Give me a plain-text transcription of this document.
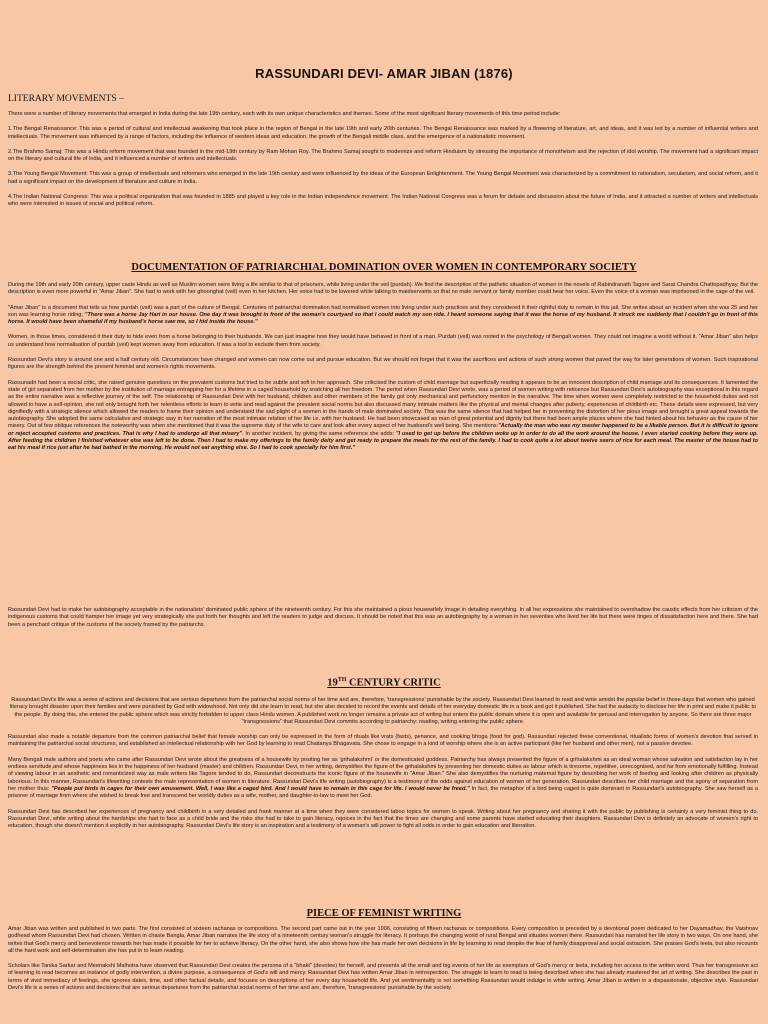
RASSUNDARI DEVI- AMAR JIBAN (1876)
LITERARY MOVEMENTS –

There were a number of literary movements that emerged in India during the late 19th century, each with its own unique characteristics and themes. Some of the most significant literary movements of this time period include:

1.The Bengal Renaissance: This was a period of cultural and intellectual awakening that took place in the region of Bengal in the late 19th and early 20th centuries. The Bengal Renaissance was marked by a flowering of literature, art, and ideas, and it was led by a number of influential writers and intellectuals. The movement was influenced by a range of factors, including the influence of western ideas and education, the growth of the Bengali middle class, and the emergence of a nationalistic movement.

2.The Brahmo Samaj: This was a Hindu reform movement that was founded in the mid-19th century by Ram Mohan Roy. The Brahmo Samaj sought to modernize and reform Hinduism by stressing the importance of monotheism and the rejection of idol worship. The movement had a significant impact on the literary and cultural life of India, and it influenced a number of writers and intellectuals.

3.The Young Bengal Movement: This was a group of intellectuals and reformers who emerged in the late 19th century and were influenced by the ideas of the European Enlightenment. The Young Bengal Movement was characterized by a commitment to rationalism, secularism, and social reform, and it had a significant impact on the development of literature and culture in India.

4.The Indian National Congress: This was a political organization that was founded in 1885 and played a key role in the Indian independence movement. The Indian National Congress was a forum for debate and discussion about the future of India, and it attracted a number of writers and intellectuals who were interested in issues of social and political reform.

DOCUMENTATION OF PATRIARCHIAL DOMINATION OVER WOMEN IN CONTEMPORARY SOCIETY

During the 19th and early 20th century, upper caste Hindu as well as Muslim women were living a life similar to that of prisoners, while living under the veil (purdah). We find the description of the pathetic situation of women in the novels of Rabindranath Tagore and Sarat Chandra Chattopadhyay. But the description is even more powerful in "Amar Jiban". She had to work with her ghoonghat (veil) even in her kitchen. Her voice had to be lowered while talking to maidservants so that no male servant or family member could hear her voice. Even the voice of a woman was imprisoned in the cage of the veil.

"Amar Jiban" is a document that tells us how purdah (veil) was a part of the culture of Bengal. Centuries of patriarchal domination had normalised women into living under such practices and they considered it their rightful duty to remain in this jail. She writes about an incident when she was 25 and her son was learning horse riding; "There was a horse Jay Hari in our house. One day it was brought in front of the woman's courtyard so that I could watch my son ride. I heard someone saying that it was the horse of my husband. It struck me suddenly that I couldn't go in front of this horse. It would have been shameful if my husband's horse saw me, so I hid inside the house."

Women, in those times, considered it their duty to hide even from a horse belonging to their husbands. We can just imagine how they would have behaved in front of a man. Purdah (veil) was rooted in the psychology of Bengali women. They could not imagine a world without it. "Amar Jiban" also helps us understand how normalisation of purdah (veil) kept women away from education. It was a tool to exclude them from society.

Rassundari Devi's story is around one and a half century old. Circumstances have changed and women can now come out and pursue education. But we should not forget that it was the sacrifices and actions of such strong women that paved the way for later generations of women. Such inspirational figures are the strength behind the present feminist and women's rights movements.

Rassunadri had been a social critic, she raised genuine questions on the prevalent customs but tried to be subtle and soft in her approach. She criticised the custom of child marriage but superficially reading it appears to be an innocent description of child marriage and its consequences. It lamented the state of girl separated from her mother by the institution of marriage entrapping her for a lifetime in a caged household by snatching all her freedom. The period when Rassundari Devi wrote, was a period of women writing with reticence but Rassundari Devi's autobiography was exceptional in this regard as the entire narrative was a reflective journey of the self. The relationship of Rassundari Devi with her husband, children and other members of the family got only mechanical and perfunctory mention in the narrative. The time when women were completely restricted to the household duties and not allowed to have a self-opinion, she not only brought forth her relentless efforts to learn to write and read against the prevalent social norms but also discussed many intimate matters like the physical and mental changes after puberty, experiences of childbirth etc. These details were expressed, but very dignifiedly with a strategic silence which allowed the readers to frame their opinion and understand the sad plight of a women in the hands of male dominated society. This was the same silence that had helped her in preventing the distortion of her pious image and brought a great appeal towards the autobiography. She adopted the same calculative and strategic way in her narration of the most intimate relation of her life i.e. with her husband. He had been showcased as man of great potential and dignity but there had been ample places where she had hinted about his behavior as the cause of her misery. Out of few oblique references the noteworthy was when she mentioned that it was the supreme duty of the wife to care and look after every aspect of her husband's well being. She mentions:"Actually the man who was my master happened to be a likable person. But it is difficult to ignore or reject accepted customs and practices. That is why I had to undergo all that misery". In another incident, by giving the same reference she adds: "I used to get up before the children woke up in order to do all the work around the house. I even started cooking before they were up. After feeding the children I finished whatever else was left to be done. Then I had to make my offerings to the family deity and get ready to prepare the meals for the rest of the family. I had to cook quite a lot about twelve seers of rice for each meal. The master of the house had to eat his meal if rice just after he had bathed in the morning. He would not eat anything else. So I had to cook specially for him first."

Rassundari Devi had to make her autobiography acceptable in the nationalists' dominated public sphere of the nineteenth century. For this she maintained a pious housewifely image in detailing everything. In all her expressions she maintained to overshadow the caustic effects from her criticism of the indigenous customs that could hamper her image yet very strategically she put forth her thoughts and left the readers to judge and discuss. It should be noted that this was an autobiography by a woman in her seventies who lived her life but there were tinges of dissatisfaction here and there. She had been a penchant critique of the customs of the society framed by the patriarchs.

19TH CENTURY CRITIC

Rassundari Devi's life was a series of actions and decisions that are serious departures from the patriarchal social norms of her time and are, therefore, 'transgressions' punishable by the society. Rassundari Devi learned to read and write amidst the popular belief in those days that women who gained literacy brought disaster upon their families and were punished by God with widowhood. Not only did she learn to read, but she also decided to record the events and details of her everyday domestic life in a book and got it published. She had the audacity to disclose her life in print and make it public to the people. By doing this, she entered the public sphere which was strictly forbidden to upper class Hindu women. A published work no longer remains a private act of writing but enters the public domain where it is open and available for perusal and interrogation by anyone. So there are three major "transgressions" that Rassundari Devi commits according to patriarchy: reading, writing entering the public sphere.

Rassundari also made a notable departure from the common patriarchal belief that female worship can only be expressed in the form of rituals like vrats (fasts), penance, and cooking bhoga (food for god). Rassundari rejected these conventional, ritualistic forms of women's devotion that served in maintaining the patriarchal social structures, and established an intellectual relationship with her God by learning to read Chaitanya Bhagavata. She chose to engage in a kind of worship where she is an active participant (like her husband and other men), not a passive devotee.

Many Bengali male authors and poets who came after Rassundari Devi wrote about the greatness of a housewife by positing her as 'grihalakshmi' or the domesticated goddess. Patriarchy has always presented the figure of a grihalakshmi as an ideal woman whose salvation and satisfaction lay in her endless servitude,and whose happiness lies in the happiness of her husband (master) and children. Rassundari Devi, in her writing, demystifies the figure of the grihalakshmi by presenting her domestic duties as labour which is tiresome, repetitive, unrecognised, and far from emotionally fulfilling. Instead of viewing labour in an aesthetic and romanticized way as male writers like Tagore tended to do, Rassundari deconstructs the iconic figure of the housewife in "Amar Jiban." She also demystifies the nurturing maternal figure by describing her work of feeding and looking after children as physically laborious. In this manner, Rassundari's lifewriting contests the male representation of women in literature. Rassundari Devi's life writing (autobiography) is a testimony of the odds against education of women of her generation. Rassundari describes her child marriage and the agony of separation from her mother thus: "People put birds in cages for their own amusement. Well, I was like a caged bird. And I would have to remain in this cage for life. I would never be freed." In fact, the metaphor of a bird being caged is quite dominant in Rassundari's autobiography. She saw herself as a prisoner of marriage from where she wished to break free and transcend her worldly duties as a wife, mother, and daughter-in-law to meet her God.

Rassundari Devi has described her experiences of pregnancy and childbirth in a very detailed and frank manner at a time when they were considered taboo topics for women to speak. Writing about her pregnancy and sharing it with the public by publishing is certainly a very feminist thing to do. Rassundari Devi, while writing about the hardships she had to face as a child bride and the risks she had to take to gain literacy, rejoices in the fact that the times are changing and some parents have started educating their daughters. Rassundari Devi is definitely an advocate of women's right to education, though she doesn't mention it explicitly in her autobiography. Rassundari Devi's life story is an inspiration and a testimony of a woman's will power to fight all odds in order to gain education and liberation.

PIECE OF FEMINIST WRITING

Amar Jiban was written and published in two parts. The first consisted of sixteen rachanas or compositions. The second part came out in the year 1906, consisting of fifteen rachanas or compositions. Every composition is preceded by a devotional poem dedicated to her Dayamadhav, the Vaishnav godhead whom Rassundari Devi had chosen. Written in chaste Bangla, Amar Jiban narrates the life story of a nineteenth century woman's struggle for literacy. It portrays the changing world of rural Bengal and situates women there. Rassundari has narrated her life story in two ways. On one hand, she writes that God's mercy and benevolence towards her has made it possible for her to achieve literacy. On the other hand, she also shows how she has made her own decisions in life by learning to read despite the fear of family disapproval and social ostracism. She praises God's leela, but also recounts all the hard work and self-determination she has put in to learn reading.

Scholars like Tanika Sarkar and Meenakshi Malhotra have observed that Rassundari Devi creates the persona of a "bhakt" (devotee) for herself, and presents all the small and big events of her life as exemplars of God's mercy or leela, including her access to the written word. Thus her transgressive act of learning to read becomes an instance of godly intervention, a divine purpose, a consequence of God's will and mercy. Rassundari Devi has written Amar Jiban in retrospection. The struggle to learn to read is being described when she has already mastered the art of writing. She describes the past in terms of vivid immediacy of feelings, she ignores dates, time, and other factual details, and focuses on descriptions of her every day household life. And yet sentimentality is not something Rassundari would indulge in while writing. Amar Jiban is written in a dispassionate, objective style. Rassundari Devi's life is a series of actions and decisions that are serious departures from the patriarchal social norms of her time and are, therefore, 'transgressions' punishable by the society.
